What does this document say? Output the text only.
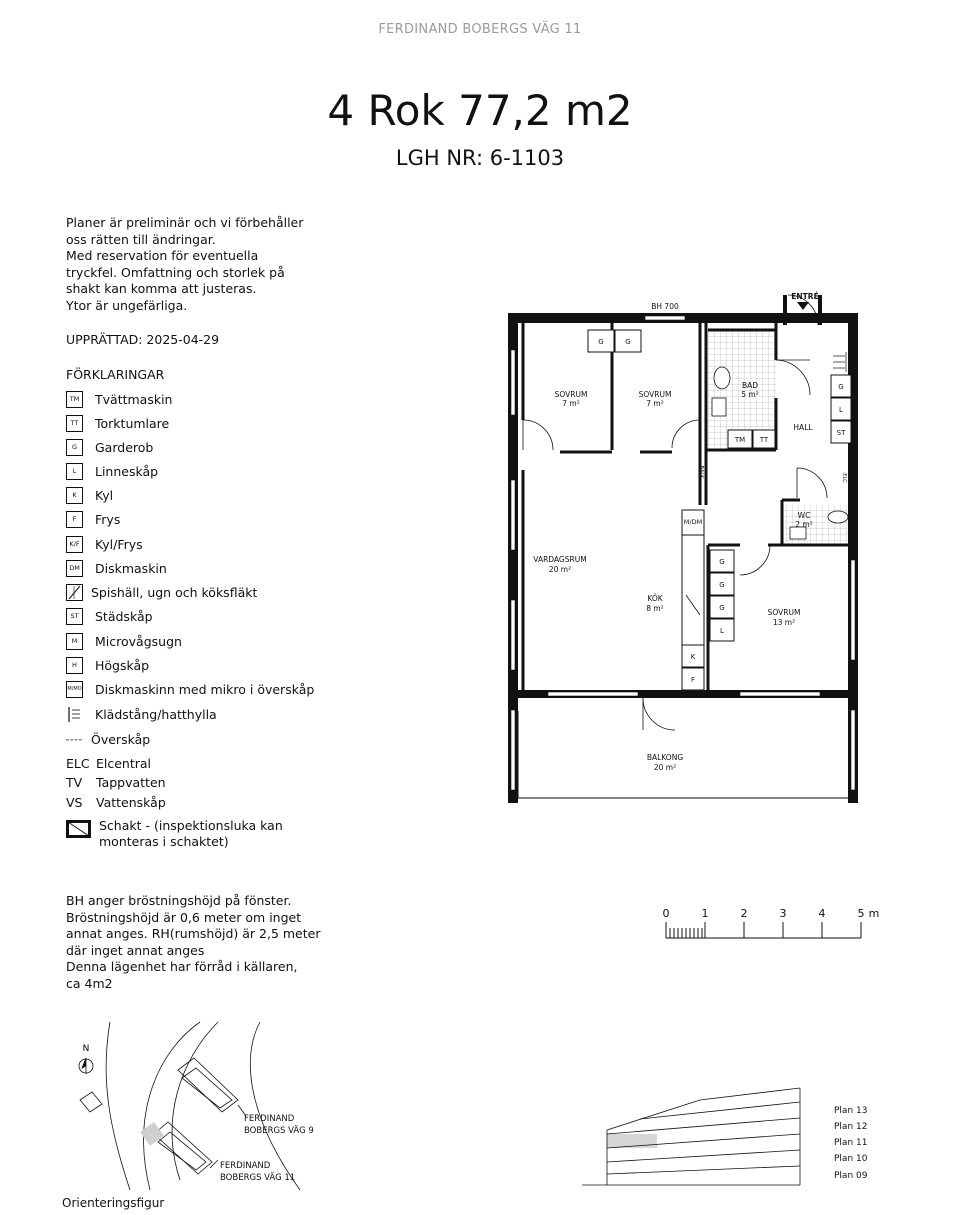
FERDINAND BOBERGS VÄG 11
4 Rok 77,2 m2
LGH NR: 6-1103
Planer är preliminär och vi förbehåller
oss rätten till ändringar.
Med reservation för eventuella
tryckfel. Omfattning och storlek på
shakt kan komma att justeras.
Ytor är ungefärliga.
UPPRÄTTAD: 2025-04-29
FÖRKLARINGAR
TM Tvättmaskin
TT	Torktumlare
G	Garderob
L	Linneskåp
K	Kyl
F	Frys
K/F Kyl/Frys
DM Diskmaskin
Spishäll, ugn och köksfläkt
ST	Städskåp
M	Microvågsugn
H	Högskåp
M/MO Diskmaskinn med mikro i överskåp
Klädstång/hatthylla
Överskåp
ELC Elcentral
TV	Tappvatten
VS	Vattenskåp
Schakt - (inspektionsluka kan
monteras i schaktet)
BH anger bröstningshöjd på fönster.
Bröstningshöjd är 0,6 meter om inget
annat anges. RH(rumshöjd) är 2,5 meter
där inget annat anges
Denna lägenhet har förråd i källaren,
ca 4m2
BH 700
ENTRÉ
SOVRUM
7 m²
SOVRUM
7 m²
BAD
5 m²
HALL
WC
2 m²
VARDAGSRUM
20 m²
KÖK
8 m²	SOVRUM
13 m²
BALKONG
20 m²
G	G
G
L
ST
TM TT
M/DM
K
F
G
G
G
L
ELC
BALK
0	1	2	3	4	5 m
N
FERDINAND
BOBERGS VÄG 9
FERDINAND
BOBERGS VÄG 11
Orienteringsfigur
Plan 13
Plan 12
Plan 11
Plan 10
Plan 09
